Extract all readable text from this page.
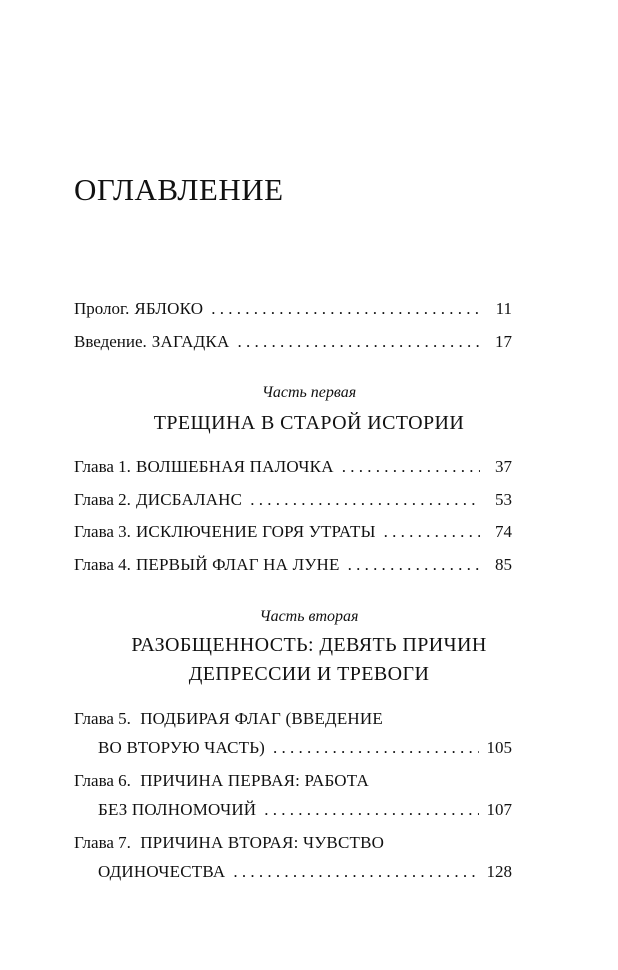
ОГЛАВЛЕНИЕ
Пролог. ЯБЛОКО . . .	11
Введение. ЗАГАДКА . . .	17
Часть первая
ТРЕЩИНА В СТАРОЙ ИСТОРИИ
Глава 1. ВОЛШЕБНАЯ ПАЛОЧКА . . .	37
Глава 2. ДИСБАЛАНС . . .	53
Глава 3. ИСКЛЮЧЕНИЕ ГОРЯ УТРАТЫ . . .	74
Глава 4. ПЕРВЫЙ ФЛАГ НА ЛУНЕ . . .	85
Часть вторая
РАЗОБЩЕННОСТЬ: ДЕВЯТЬ ПРИЧИН
ДЕПРЕССИИ И ТРЕВОГИ
Глава 5. ПОДБИРАЯ ФЛАГ (ВВЕДЕНИЕ
ВО ВТОРУЮ ЧАСТЬ) . . .	105
Глава 6. ПРИЧИНА ПЕРВАЯ: РАБОТА
БЕЗ ПОЛНОМОЧИЙ . . .	107
Глава 7. ПРИЧИНА ВТОРАЯ: ЧУВСТВО
ОДИНОЧЕСТВА . . .	128
